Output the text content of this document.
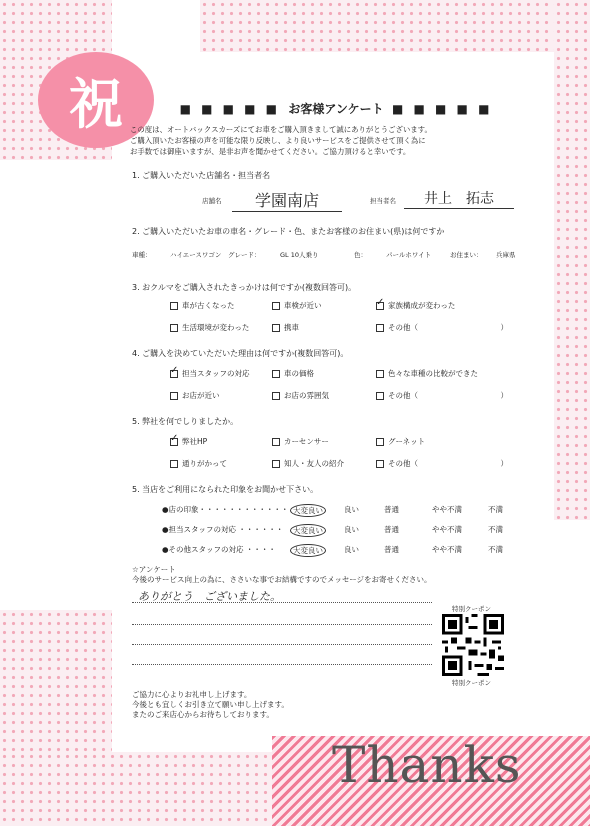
祝
Thanks
■ ■ ■ ■ ■ お客様アンケート ■ ■ ■ ■ ■
この度は、オートバックスカーズにてお車をご購入頂きまして誠にありがとうございます。
ご購入頂いたお客様の声を可能な限り反映し、より良いサービスをご提供させて頂く為に
お手数では御座いますが、是非お声を聞かせてください。ご協力頂けると幸いです。
1. ご購入いただいた店舗名・担当者名
店舗名	学園南店	担当者名	井上　拓志
2. ご購入いただいたお車の車名・グレード・色、またお客様のお住まい(県)は何ですか
車種：	ハイエースワゴン グレード：	GL 10人乗り	色：	パールホワイト	お住まい： 兵庫県
3. おクルマをご購入されたきっかけは何ですか(複数回答可)。
車が古くなった	車検が近い
✓	家族構成が変わった
生活環境が変わった	携車	その他（　　　　　　　　　　　）
4. ご購入を決めていただいた理由は何ですか(複数回答可)。
✓
担当スタッフの対応	車の価格	色々な車種の比較ができた
お店が近い	お店の雰囲気	その他（　　　　　　　　　　　）
5. 弊社を何でしりましたか。
✓
弊社HP	カーセンサー	グーネット
通りがかって	知人・友人の紹介	その他（　　　　　　　　　　　）
5. 当店をご利用になられた印象をお聞かせ下さい。
●店の印象・・・・・・・・・・・・ 大変良い	良い	普通	やや不満	不満
●担当スタッフの対応 ・・・・・・	大変良い	良い	普通	やや不満	不満
●その他スタッフの対応 ・・・・	大変良い	良い	普通	やや不満	不満
☆アンケート
今後のサービス向上の為に、ささいな事でお結構ですのでメッセージをお寄せください。
ありがとう　ございました。
特別クーポン
特別クーポン
ご協力に心よりお礼申し上げます。
今後とも宜しくお引き立て願い申し上げます。
またのご来店心からお待ちしております。
